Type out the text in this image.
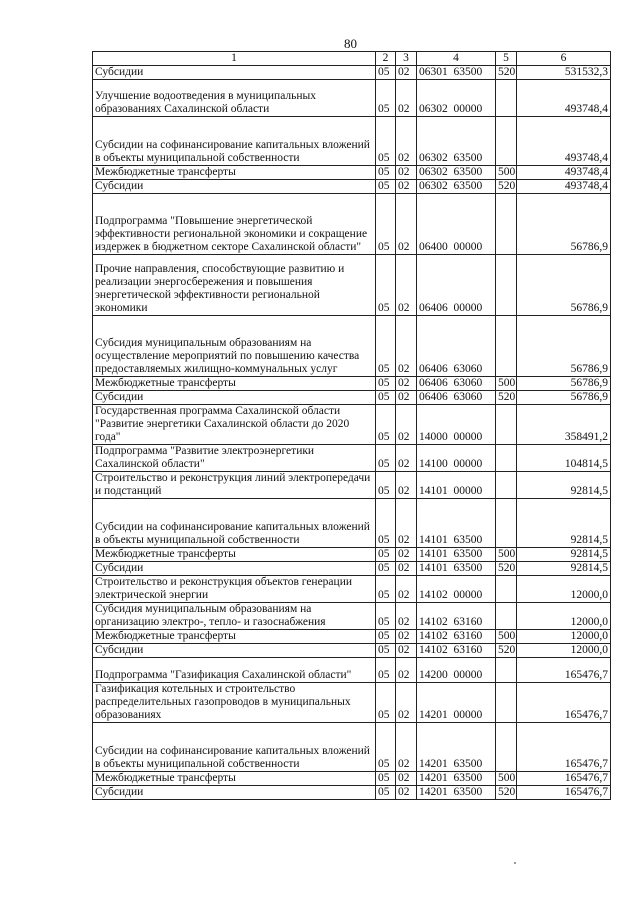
80
1	2	3	4	5	6
Субсидии	05	02	06301  63500	520	531532,3
Улучшение водоотведения в муниципальных образованиях Сахалинской области	05	02	06302  00000		493748,4
Субсидии на софинансирование капитальных вложений в объекты муниципальной собственности	05	02	06302  63500		493748,4
Межбюджетные трансферты	05	02	06302  63500	500	493748,4
Субсидии	05	02	06302  63500	520	493748,4
Подпрограмма "Повышение энергетической эффективности региональной экономики и сокращение издержек в бюджетном секторе Сахалинской области"	05	02	06400  00000		56786,9
Прочие направления, способствующие развитию и реализации энергосбережения и повышения энергетической эффективности региональной экономики	05	02	06406  00000		56786,9
Субсидия муниципальным образованиям на осуществление мероприятий по повышению качества предоставляемых жилищно-коммунальных услуг	05	02	06406  63060		56786,9
Межбюджетные трансферты	05	02	06406  63060	500	56786,9
Субсидии	05	02	06406  63060	520	56786,9
Государственная программа Сахалинской области "Развитие энергетики Сахалинской области до 2020 года"	05	02	14000  00000		358491,2
Подпрограмма "Развитие электроэнергетики Сахалинской области"	05	02	14100  00000		104814,5
Строительство и реконструкция линий электропередачи и подстанций	05	02	14101  00000		92814,5
Субсидии на софинансирование капитальных вложений в объекты муниципальной собственности	05	02	14101  63500		92814,5
Межбюджетные трансферты	05	02	14101  63500	500	92814,5
Субсидии	05	02	14101  63500	520	92814,5
Строительство и реконструкция объектов генерации электрической энергии	05	02	14102  00000		12000,0
Субсидия муниципальным образованиям на организацию электро-, тепло- и газоснабжения	05	02	14102  63160		12000,0
Межбюджетные трансферты	05	02	14102  63160	500	12000,0
Субсидии	05	02	14102  63160	520	12000,0
Подпрограмма "Газификация Сахалинской области"	05	02	14200  00000		165476,7
Газификация котельных и строительство распределительных газопроводов в муниципальных образованиях	05	02	14201  00000		165476,7
Субсидии на софинансирование капитальных вложений в объекты муниципальной собственности	05	02	14201  63500		165476,7
Межбюджетные трансферты	05	02	14201  63500	500	165476,7
Субсидии	05	02	14201  63500	520	165476,7
